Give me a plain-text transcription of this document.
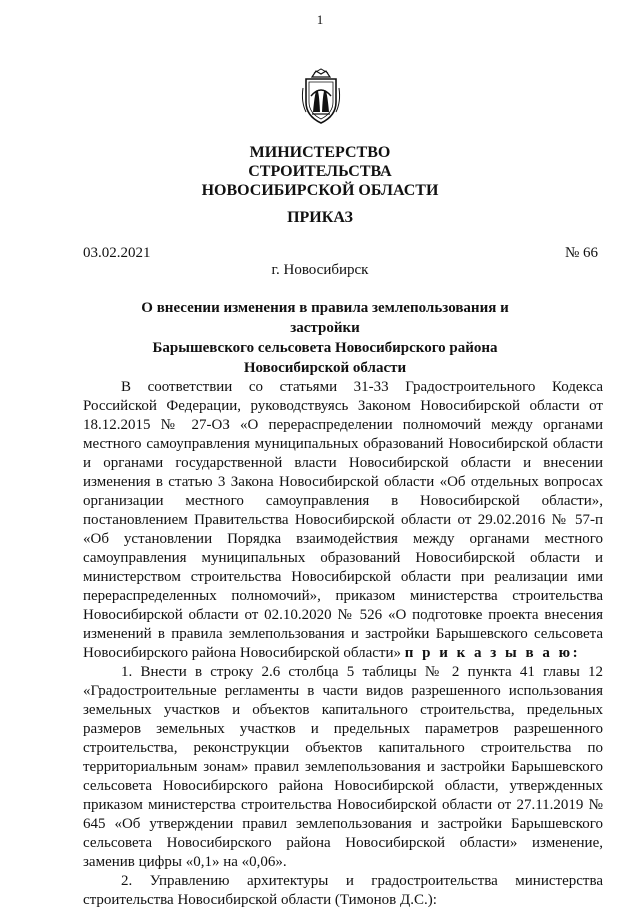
1
МИНИСТЕРСТВО
СТРОИТЕЛЬСТВА
НОВОСИБИРСКОЙ ОБЛАСТИ
ПРИКАЗ
03.02.2021	№ 66
г. Новосибирск
О внесении изменения в правила землепользования и застройки
Барышевского сельсовета Новосибирского района
Новосибирской области

В соответствии со статьями 31-33 Градостроительного Кодекса Российской Федерации, руководствуясь Законом Новосибирской области от 18.12.2015 № 27-ОЗ «О перераспределении полномочий между органами местного самоуправления муниципальных образований Новосибирской области и органами государственной власти Новосибирской области и внесении изменения в статью 3 Закона Новосибирской области «Об отдельных вопросах организации местного самоуправления в Новосибирской области», постановлением Правительства Новосибирской области от 29.02.2016 № 57-п «Об установлении Порядка взаимодействия между органами местного самоуправления муниципальных образований Новосибирской области и министерством строительства Новосибирской области при реализации ими перераспределенных полномочий», приказом министерства строительства Новосибирской области от 02.10.2020 № 526 «О подготовке проекта внесения изменений в правила землепользования и застройки Барышевского сельсовета Новосибирского района Новосибирской области» п р и к а з ы в а ю:

1. Внести в строку 2.6 столбца 5 таблицы № 2 пункта 41 главы 12 «Градостроительные регламенты в части видов разрешенного использования земельных участков и объектов капитального строительства, предельных размеров земельных участков и предельных параметров разрешенного строительства, реконструкции объектов капитального строительства по территориальным зонам» правил землепользования и застройки Барышевского сельсовета Новосибирского района Новосибирской области, утвержденных приказом министерства строительства Новосибирской области от 27.11.2019 № 645 «Об утверждении правил землепользования и застройки Барышевского сельсовета Новосибирского района Новосибирской области» изменение, заменив цифры «0,1» на «0,06».

2. Управлению архитектуры и градостроительства министерства строительства Новосибирской области (Тимонов Д.С.):
